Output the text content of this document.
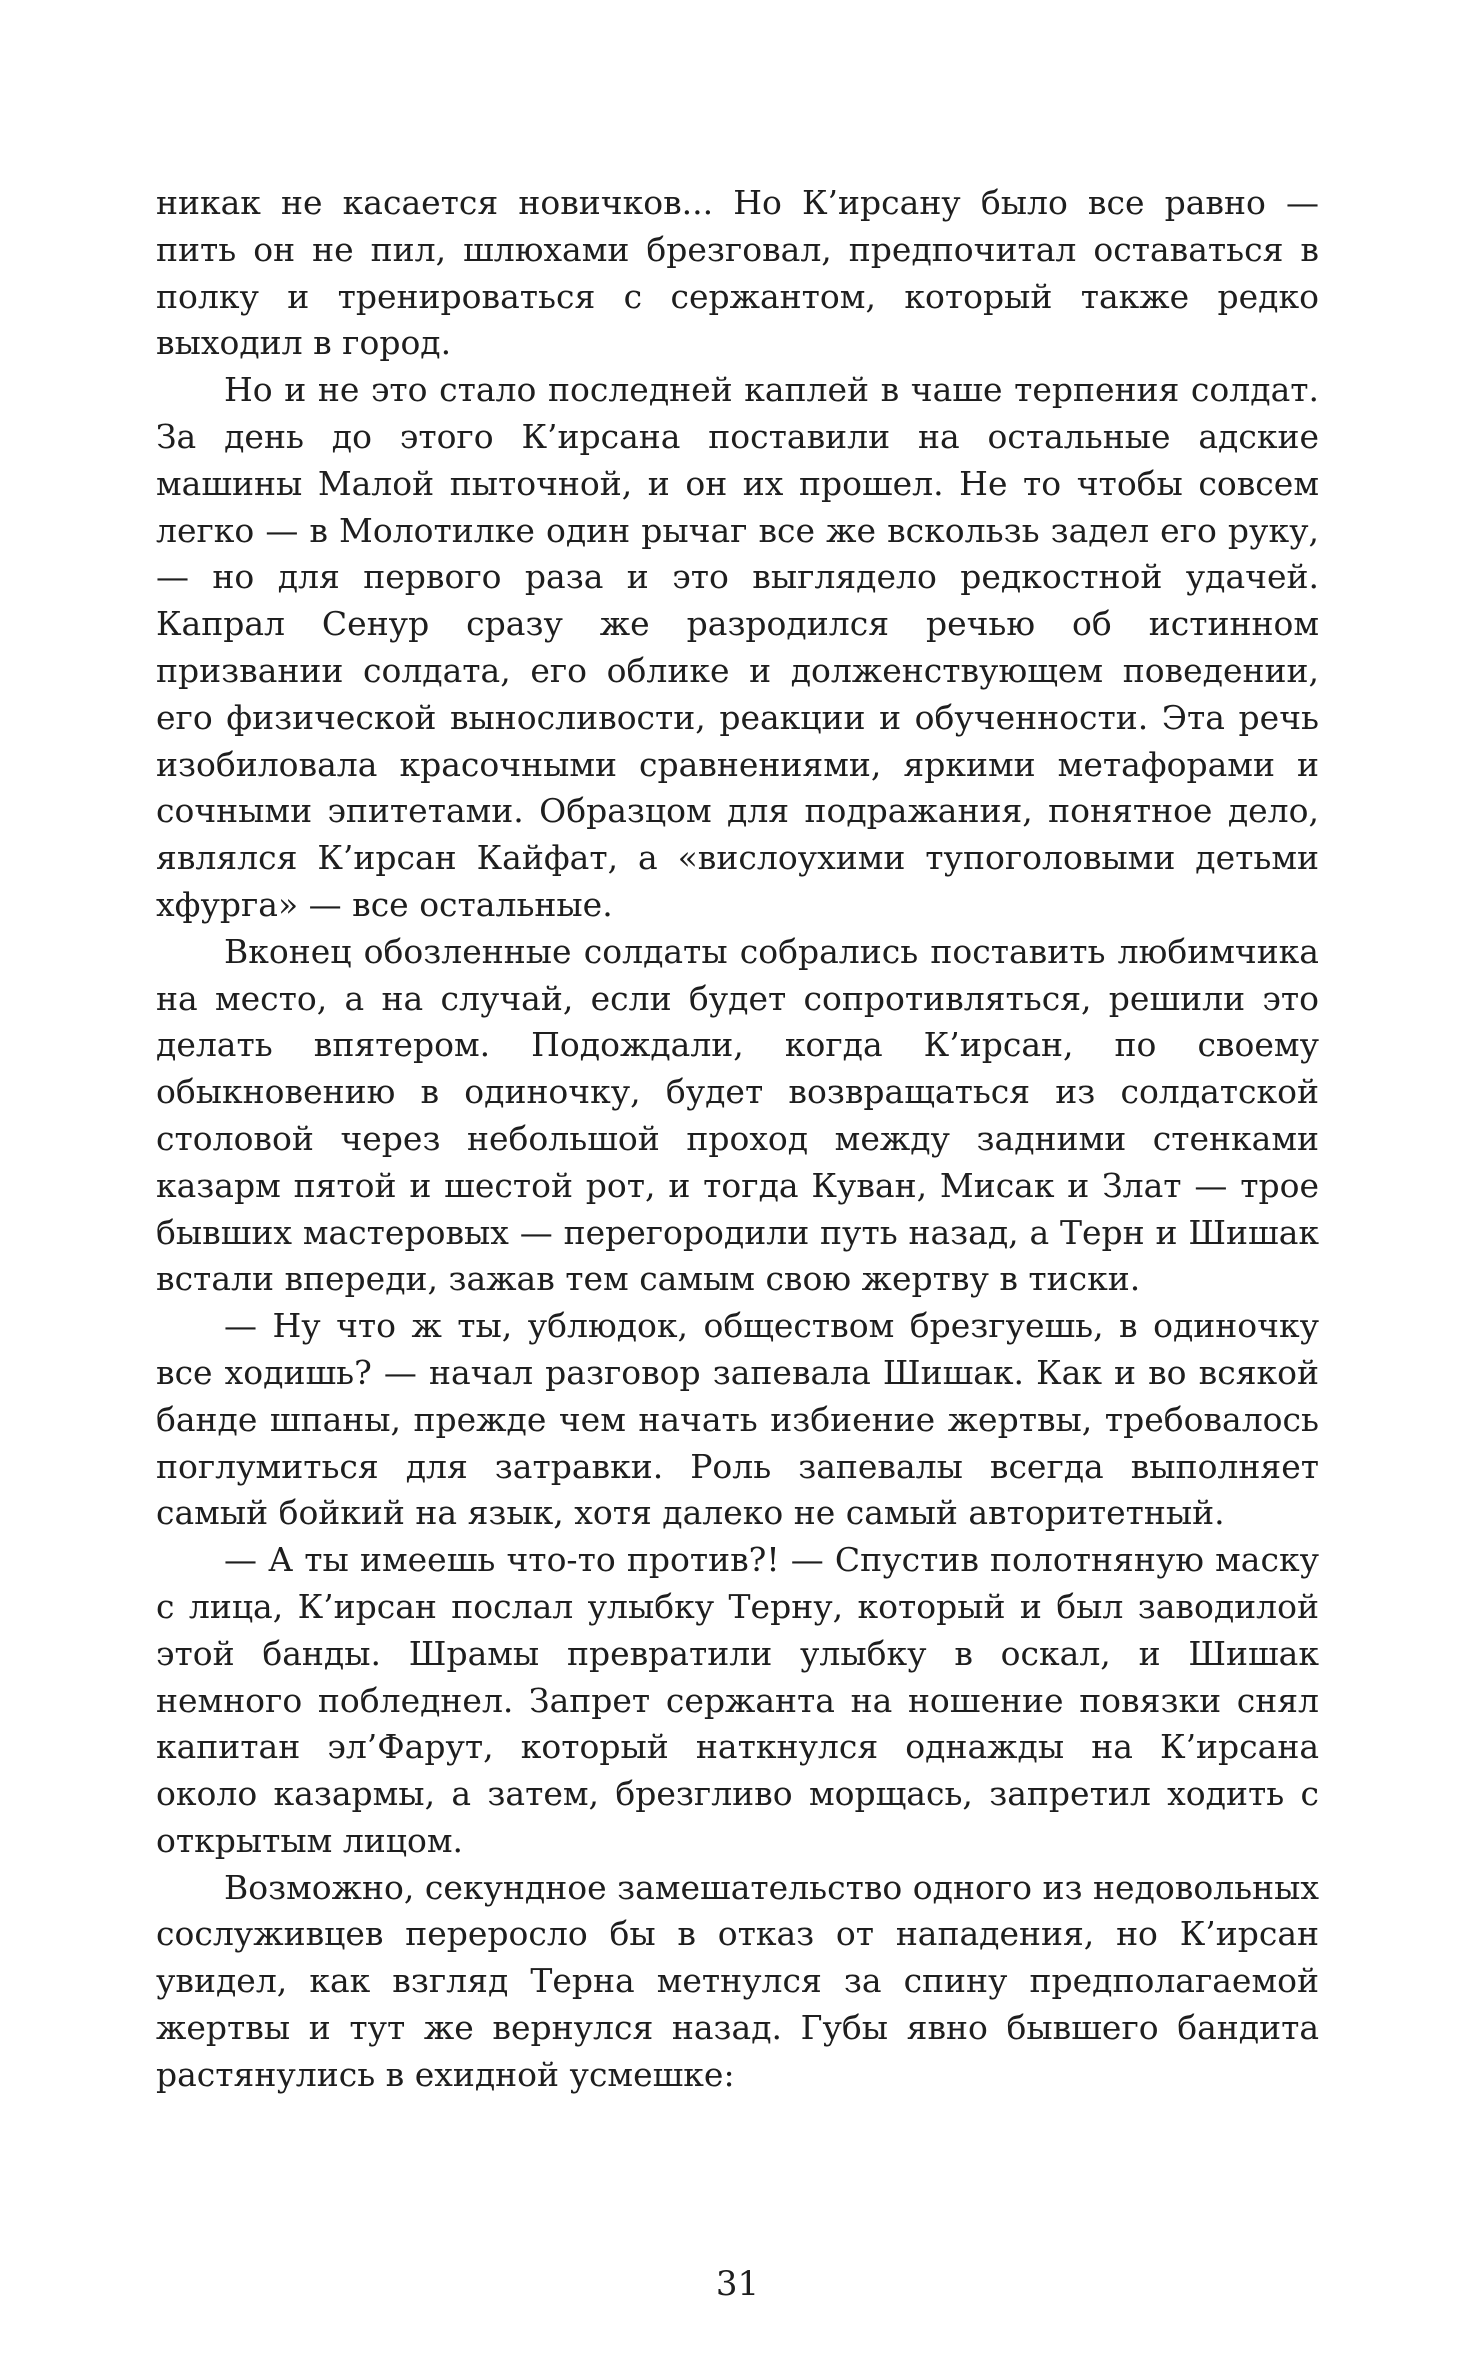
никак не касается новичков... Но К’ирсану было все равно — пить он не пил, шлюхами брезговал, предпочитал оставаться в полку и тренироваться с сержантом, который также редко выходил в город.

Но и не это стало последней каплей в чаше терпения солдат. За день до этого К’ирсана поставили на остальные адские машины Малой пыточной, и он их прошел. Не то чтобы совсем легко — в Молотилке один рычаг все же вскользь задел его руку, — но для первого раза и это выглядело редкостной удачей. Капрал Сенур сразу же разродился речью об истинном призвании солдата, его облике и долженствующем поведении, его физической выносливости, реакции и обученности. Эта речь изобиловала красочными сравнениями, яркими метафорами и сочными эпитетами. Образцом для подражания, понятное дело, являлся К’ирсан Кайфат, а «вислоухими тупоголовыми детьми хфурга» — все остальные.

Вконец обозленные солдаты собрались поставить любимчика на место, а на случай, если будет сопротивляться, решили это делать впятером. Подождали, когда К’ирсан, по своему обыкновению в одиночку, будет возвращаться из солдатской столовой через небольшой проход между задними стенками казарм пятой и шестой рот, и тогда Куван, Мисак и Злат — трое бывших мастеровых — перегородили путь назад, а Терн и Шишак встали впереди, зажав тем самым свою жертву в тиски.

— Ну что ж ты, ублюдок, обществом брезгуешь, в одиночку все ходишь? — начал разговор запевала Шишак. Как и во всякой банде шпаны, прежде чем начать избиение жертвы, требовалось поглумиться для затравки. Роль запевалы всегда выполняет самый бойкий на язык, хотя далеко не самый авторитетный.

— А ты имеешь что-то против?! — Спустив полотняную маску с лица, К’ирсан послал улыбку Терну, который и был заводилой этой банды. Шрамы превратили улыбку в оскал, и Шишак немного побледнел. Запрет сержанта на ношение повязки снял капитан эл’Фарут, который наткнулся однажды на К’ирсана около казармы, а затем, брезгливо морщась, запретил ходить с открытым лицом.

Возможно, секундное замешательство одного из недовольных сослуживцев переросло бы в отказ от нападения, но К’ирсан увидел, как взгляд Терна метнулся за спину предполагаемой жертвы и тут же вернулся назад. Губы явно бывшего бандита растянулись в ехидной усмешке:

31
